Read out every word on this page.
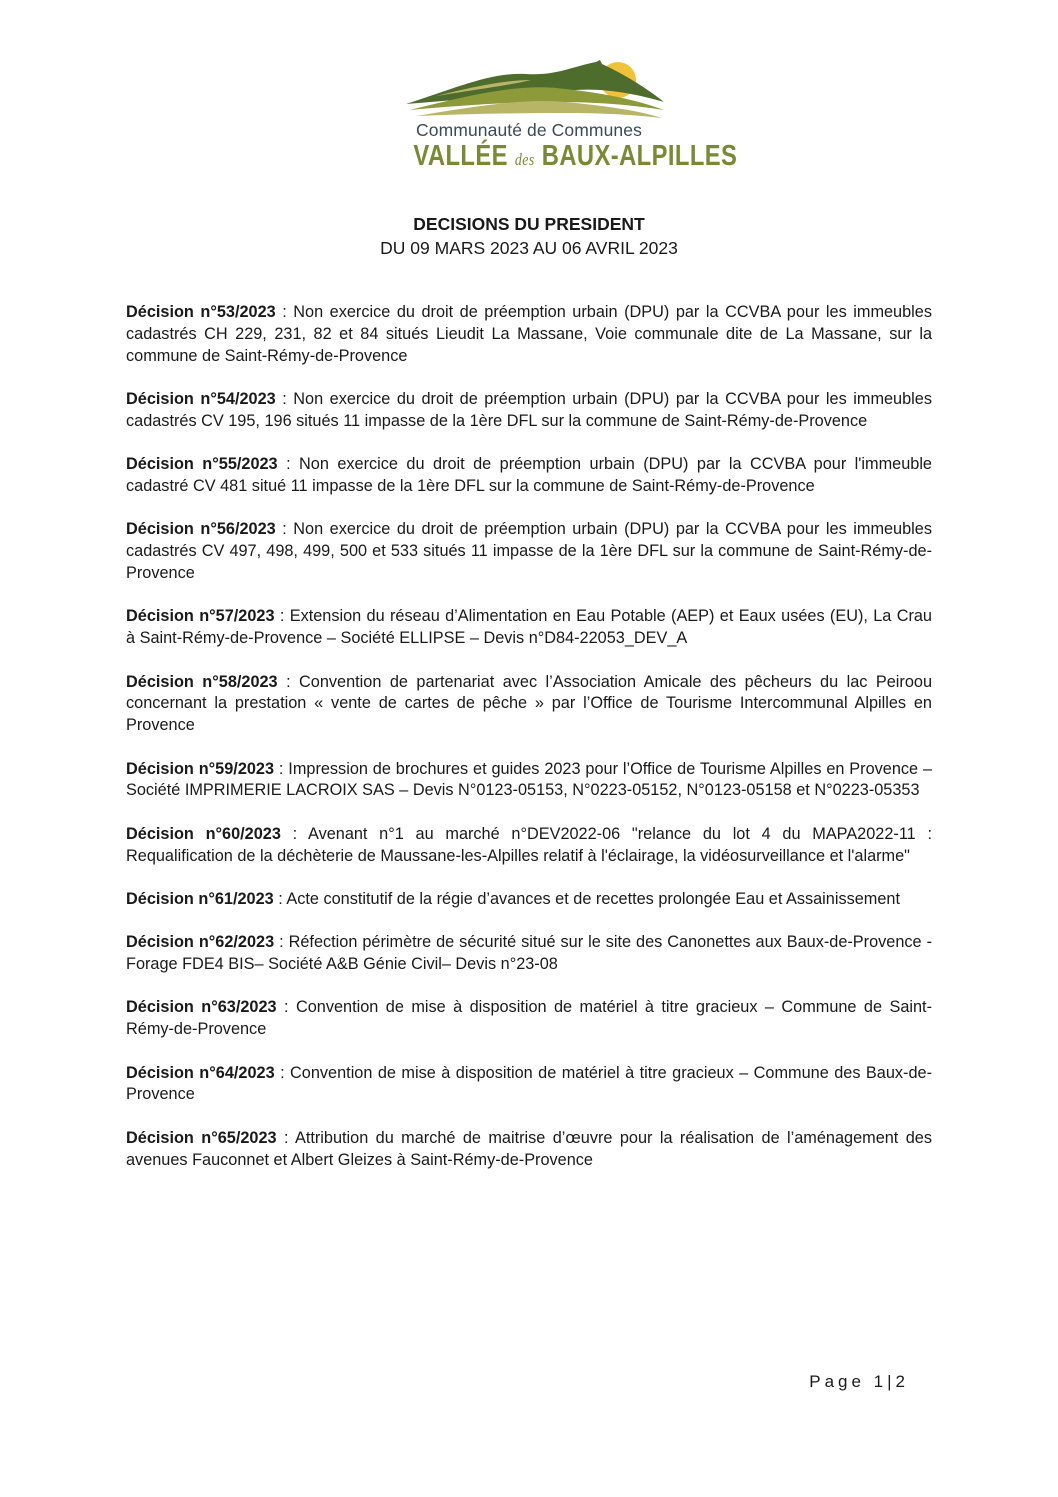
Communauté de Communes
VALLÉE des BAUX-ALPILLES
DECISIONS DU PRESIDENT
DU 09 MARS 2023 AU 06 AVRIL 2023

Décision n°53/2023 : Non exercice du droit de préemption urbain (DPU) par la CCVBA pour les immeubles cadastrés CH 229, 231, 82 et 84 situés Lieudit La Massane, Voie communale dite de La Massane, sur la commune de Saint-Rémy-de-Provence

Décision n°54/2023 : Non exercice du droit de préemption urbain (DPU) par la CCVBA pour les immeubles cadastrés CV 195, 196 situés 11 impasse de la 1ère DFL sur la commune de Saint-Rémy-de-Provence

Décision n°55/2023 : Non exercice du droit de préemption urbain (DPU) par la CCVBA pour l'immeuble cadastré CV 481 situé 11 impasse de la 1ère DFL sur la commune de Saint-Rémy-de-Provence

Décision n°56/2023 : Non exercice du droit de préemption urbain (DPU) par la CCVBA pour les immeubles cadastrés CV 497, 498, 499, 500 et 533 situés 11 impasse de la 1ère DFL sur la commune de Saint-Rémy-de-Provence

Décision n°57/2023 : Extension du réseau d’Alimentation en Eau Potable (AEP) et Eaux usées (EU), La Crau à Saint-Rémy-de-Provence – Société ELLIPSE – Devis n°D84-22053_DEV_A

Décision n°58/2023 : Convention de partenariat avec l’Association Amicale des pêcheurs du lac Peiroou concernant la prestation « vente de cartes de pêche » par l’Office de Tourisme Intercommunal Alpilles en Provence

Décision n°59/2023 : Impression de brochures et guides 2023 pour l’Office de Tourisme Alpilles en Provence – Société IMPRIMERIE LACROIX SAS – Devis N°0123-05153, N°0223-05152, N°0123-05158 et N°0223-05353

Décision n°60/2023 : Avenant n°1 au marché n°DEV2022-06 "relance du lot 4 du MAPA2022-11 : Requalification de la déchèterie de Maussane-les-Alpilles relatif à l'éclairage, la vidéosurveillance et l'alarme"

Décision n°61/2023 : Acte constitutif de la régie d’avances et de recettes prolongée Eau et Assainissement

Décision n°62/2023 : Réfection périmètre de sécurité situé sur le site des Canonettes aux Baux-de-Provence - Forage FDE4 BIS– Société A&B Génie Civil– Devis n°23-08

Décision n°63/2023 : Convention de mise à disposition de matériel à titre gracieux – Commune de Saint-Rémy-de-Provence

Décision n°64/2023 : Convention de mise à disposition de matériel à titre gracieux – Commune des Baux-de-Provence

Décision n°65/2023 : Attribution du marché de maitrise d’œuvre pour la réalisation de l’aménagement des avenues Fauconnet et Albert Gleizes à Saint-Rémy-de-Provence

Page 1|2
